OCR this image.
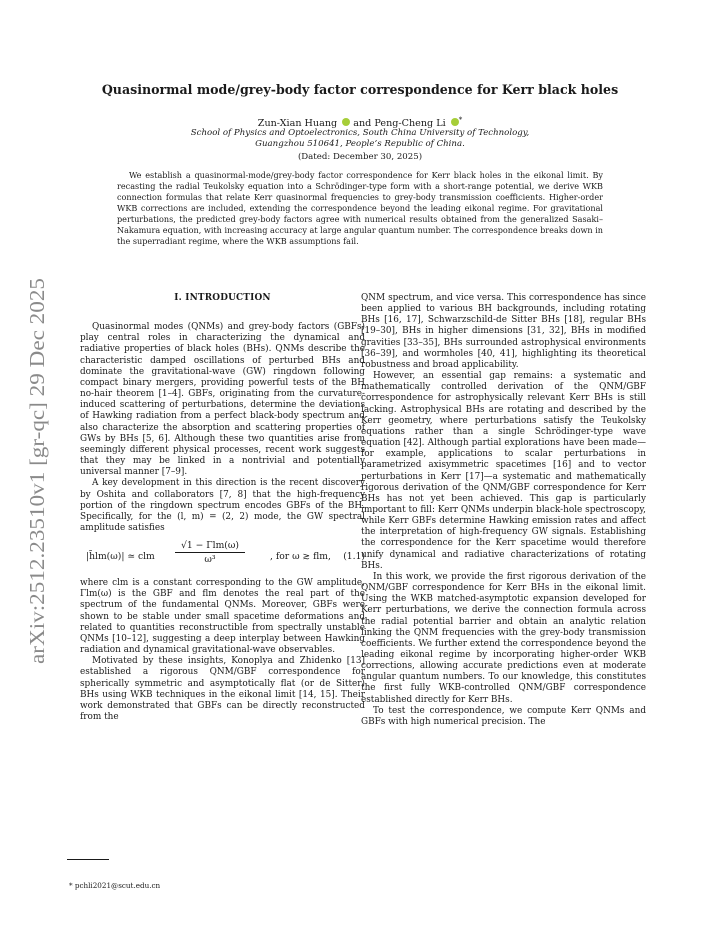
arXiv:2512.23510v1 [gr-qc] 29 Dec 2025
Quasinormal mode/grey-body factor correspondence for Kerr black holes
Zun-Xian Huang and Peng-Cheng Li *
School of Physics and Optoelectronics, South China University of Technology,
Guangzhou 510641, People’s Republic of China.
(Dated: December 30, 2025)
We establish a quasinormal-mode/grey-body factor correspondence for Kerr black holes in the eikonal limit. By recasting the radial Teukolsky equation into a Schrödinger-type form with a short-range potential, we derive WKB connection formulas that relate Kerr quasinormal frequencies to grey-body transmission coefficients. Higher-order WKB corrections are included, extending the correspondence beyond the leading eikonal regime. For gravitational perturbations, the predicted grey-body factors agree with numerical results obtained from the generalized Sasaki–Nakamura equation, with increasing accuracy at large angular quantum number. The correspondence breaks down in the superradiant regime, where the WKB assumptions fail.
I. INTRODUCTION

Quasinormal modes (QNMs) and grey-body factors (GBFs) play central roles in characterizing the dynamical and radiative properties of black holes (BHs). QNMs describe the characteristic damped oscillations of perturbed BHs and dominate the gravitational-wave (GW) ringdown following compact binary mergers, providing powerful tests of the BH no-hair theorem [1–4]. GBFs, originating from the curvature-induced scattering of perturbations, determine the deviations of Hawking radiation from a perfect black-body spectrum and also characterize the absorption and scattering properties of GWs by BHs [5, 6]. Although these two quantities arise from seemingly different physical processes, recent work suggests that they may be linked in a nontrivial and potentially universal manner [7–9].

A key development in this direction is the recent discovery by Oshita and collaborators [7, 8] that the high-frequency portion of the ringdown spectrum encodes GBFs of the BH. Specifically, for the (l, m) = (2, 2) mode, the GW spectral amplitude satisfies

|h̃lm(ω)| ≃ clm
√1 − Γlm(ω)
ω³	, for ω ≳ flm, (1.1)

where clm is a constant corresponding to the GW amplitude, Γlm(ω) is the GBF and flm denotes the real part of the spectrum of the fundamental QNMs. Moreover, GBFs were shown to be stable under small spacetime deformations and related to quantities reconstructible from spectrally unstable QNMs [10–12], suggesting a deep interplay between Hawking radiation and dynamical gravitational-wave observables.

Motivated by these insights, Konoplya and Zhidenko [13] established a rigorous QNM/GBF correspondence for spherically symmetric and asymptotically flat (or de Sitter) BHs using WKB techniques in the eikonal limit [14, 15]. Their work demonstrated that GBFs can be directly reconstructed from the

QNM spectrum, and vice versa. This correspondence has since been applied to various BH backgrounds, including rotating BHs [16, 17], Schwarzschild-de Sitter BHs [18], regular BHs [19–30], BHs in higher dimensions [31, 32], BHs in modified gravities [33–35], BHs surrounded astrophysical environments [36–39], and wormholes [40, 41], highlighting its theoretical robustness and broad applicability.

However, an essential gap remains: a systematic and mathematically controlled derivation of the QNM/GBF correspondence for astrophysically relevant Kerr BHs is still lacking. Astrophysical BHs are rotating and described by the Kerr geometry, where perturbations satisfy the Teukolsky equations rather than a single Schrödinger-type wave equation [42]. Although partial explorations have been made—for example, applications to scalar perturbations in parametrized axisymmetric spacetimes [16] and to vector perturbations in Kerr [17]—a systematic and mathematically rigorous derivation of the QNM/GBF correspondence for Kerr BHs has not yet been achieved. This gap is particularly important to fill: Kerr QNMs underpin black-hole spectroscopy, while Kerr GBFs determine Hawking emission rates and affect the interpretation of high-frequency GW signals. Establishing the correspondence for the Kerr spacetime would therefore unify dynamical and radiative characterizations of rotating BHs.

In this work, we provide the first rigorous derivation of the QNM/GBF correspondence for Kerr BHs in the eikonal limit. Using the WKB matched-asymptotic expansion developed for Kerr perturbations, we derive the connection formula across the radial potential barrier and obtain an analytic relation linking the QNM frequencies with the grey-body transmission coefficients. We further extend the correspondence beyond the leading eikonal regime by incorporating higher-order WKB corrections, allowing accurate predictions even at moderate angular quantum numbers. To our knowledge, this constitutes the first fully WKB-controlled QNM/GBF correspondence established directly for Kerr BHs.

To test the correspondence, we compute Kerr QNMs and GBFs with high numerical precision. The

* pchli2021@scut.edu.cn
